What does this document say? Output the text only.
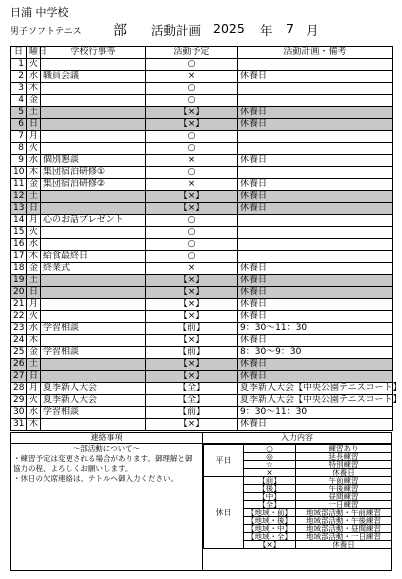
日浦 中学校
男子ソフトテニス 部 活動計画 2025 年 7 月
日	曜日	学校行事等	活動予定	活動計画・備考
1	火		○	
2	水	職員会議	×	休養日
3	木		○	
4	金		○	
5	土		【×】	休養日
6	日		【×】	休養日
7	月		○	
8	火		○	
9	水	個別懇談	×	休養日
10	木	集団宿泊研修①	○	
11	金	集団宿泊研修②	×	休養日
12	土		【×】	休養日
13	日		【×】	休養日
14	月	心のお話プレゼント	○	
15	火		○	
16	水		○	
17	木	給食最終日	○	
18	金	終業式	×	休養日
19	土		【×】	休養日
20	日		【×】	休養日
21	月		【×】	休養日
22	火		【×】	休養日
23	水	学習相談	【前】	9：30～11：30
24	木		【×】	休養日
25	金	学習相談	【前】	8：30～9：30
26	土		【×】	休養日
27	日		【×】	休養日
28	月	夏季新人大会	【全】	夏季新人大会【中央公園テニスコート】
29	火	夏季新人大会	【全】	夏季新人大会【中央公園テニスコート】
30	水	学習相談	【前】	9：30～11：30
31	木		【×】	休養日
連絡事項
～部活動について～
・練習予定は変更される場合があります。御理解と御
協力の程、よろしくお願いします。
・休日の欠席連絡は、テトルへ御入力ください。
入力内容
平日	○	練習あり
	◎	延長練習
	☆	特別練習
	×	休養日
休日	【前】	午前練習
	【後】	午後練習
	【中】	昼間練習
	【全】	一日練習
	【地域・前】	地域部活動・午前練習
	【地域・後】	地域部活動・午後練習
	【地域・中】	地域部活動・昼間練習
	【地域・全】	地域部活動・一日練習
	【×】	休養日
